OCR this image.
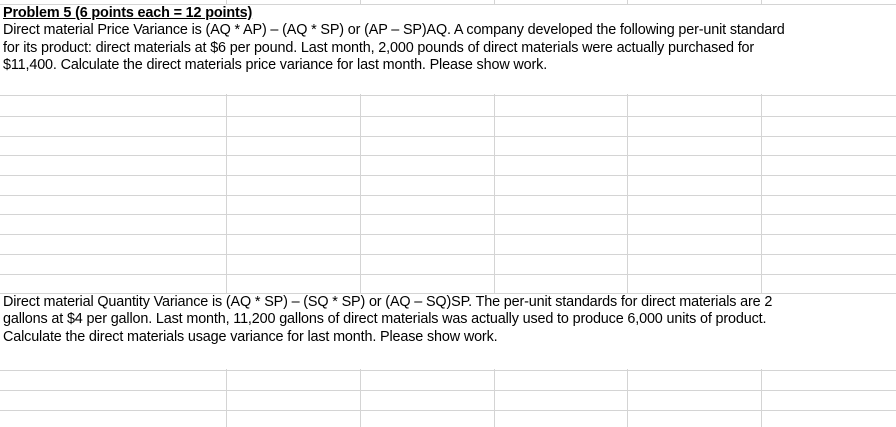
Problem 5 (6 points each = 12 points)
Direct material Price Variance is (AQ * AP) – (AQ * SP) or (AP – SP)AQ. A company developed the following per-unit standard
for its product: direct materials at $6 per pound. Last month, 2,000 pounds of direct materials were actually purchased for
$11,400. Calculate the direct materials price variance for last month. Please show work.
Direct material Quantity Variance is (AQ * SP) – (SQ * SP) or (AQ – SQ)SP. The per-unit standards for direct materials are 2
gallons at $4 per gallon. Last month, 11,200 gallons of direct materials was actually used to produce 6,000 units of product.
Calculate the direct materials usage variance for last month. Please show work.
